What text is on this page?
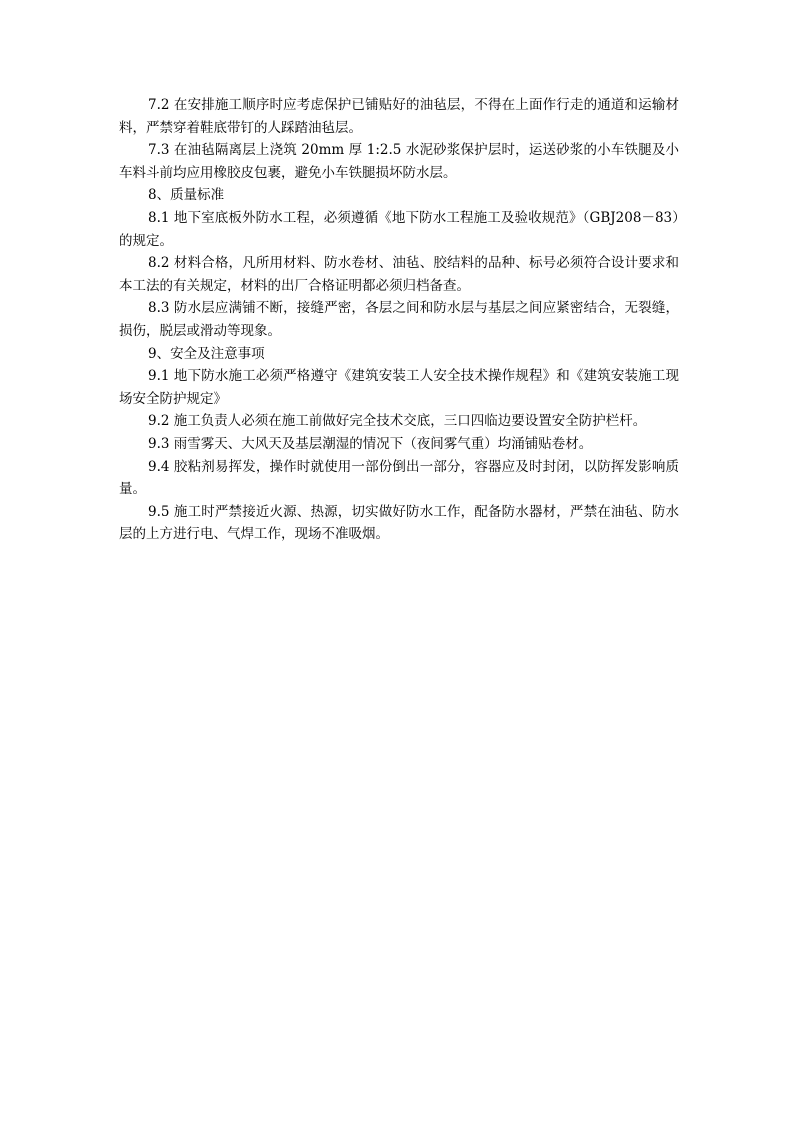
7.2 在安排施工顺序时应考虑保护已铺贴好的油毡层，不得在上面作行走的通道和运输材料，严禁穿着鞋底带钉的人踩踏油毡层。

7.3 在油毡隔离层上浇筑 20mm 厚 1:2.5 水泥砂浆保护层时，运送砂浆的小车铁腿及小车料斗前均应用橡胶皮包裹，避免小车铁腿损坏防水层。

8、质量标准

8.1 地下室底板外防水工程，必须遵循《地下防水工程施工及验收规范》（GBJ208－83）的规定。

8.2 材料合格，凡所用材料、防水卷材、油毡、胶结料的品种、标号必须符合设计要求和本工法的有关规定，材料的出厂合格证明都必须归档备查。

8.3 防水层应满铺不断，接缝严密，各层之间和防水层与基层之间应紧密结合，无裂缝，损伤，脱层或滑动等现象。

9、安全及注意事项

9.1 地下防水施工必须严格遵守《建筑安装工人安全技术操作规程》和《建筑安装施工现场安全防护规定》

9.2 施工负责人必须在施工前做好完全技术交底，三口四临边要设置安全防护栏杆。

9.3 雨雪雾天、大风天及基层潮湿的情况下（夜间雾气重）均涌铺贴卷材。

9.4 胶粘剂易挥发，操作时就使用一部份倒出一部分，容器应及时封闭，以防挥发影响质量。

9.5 施工时严禁接近火源、热源，切实做好防水工作，配备防水器材，严禁在油毡、防水层的上方进行电、气焊工作，现场不准吸烟。
